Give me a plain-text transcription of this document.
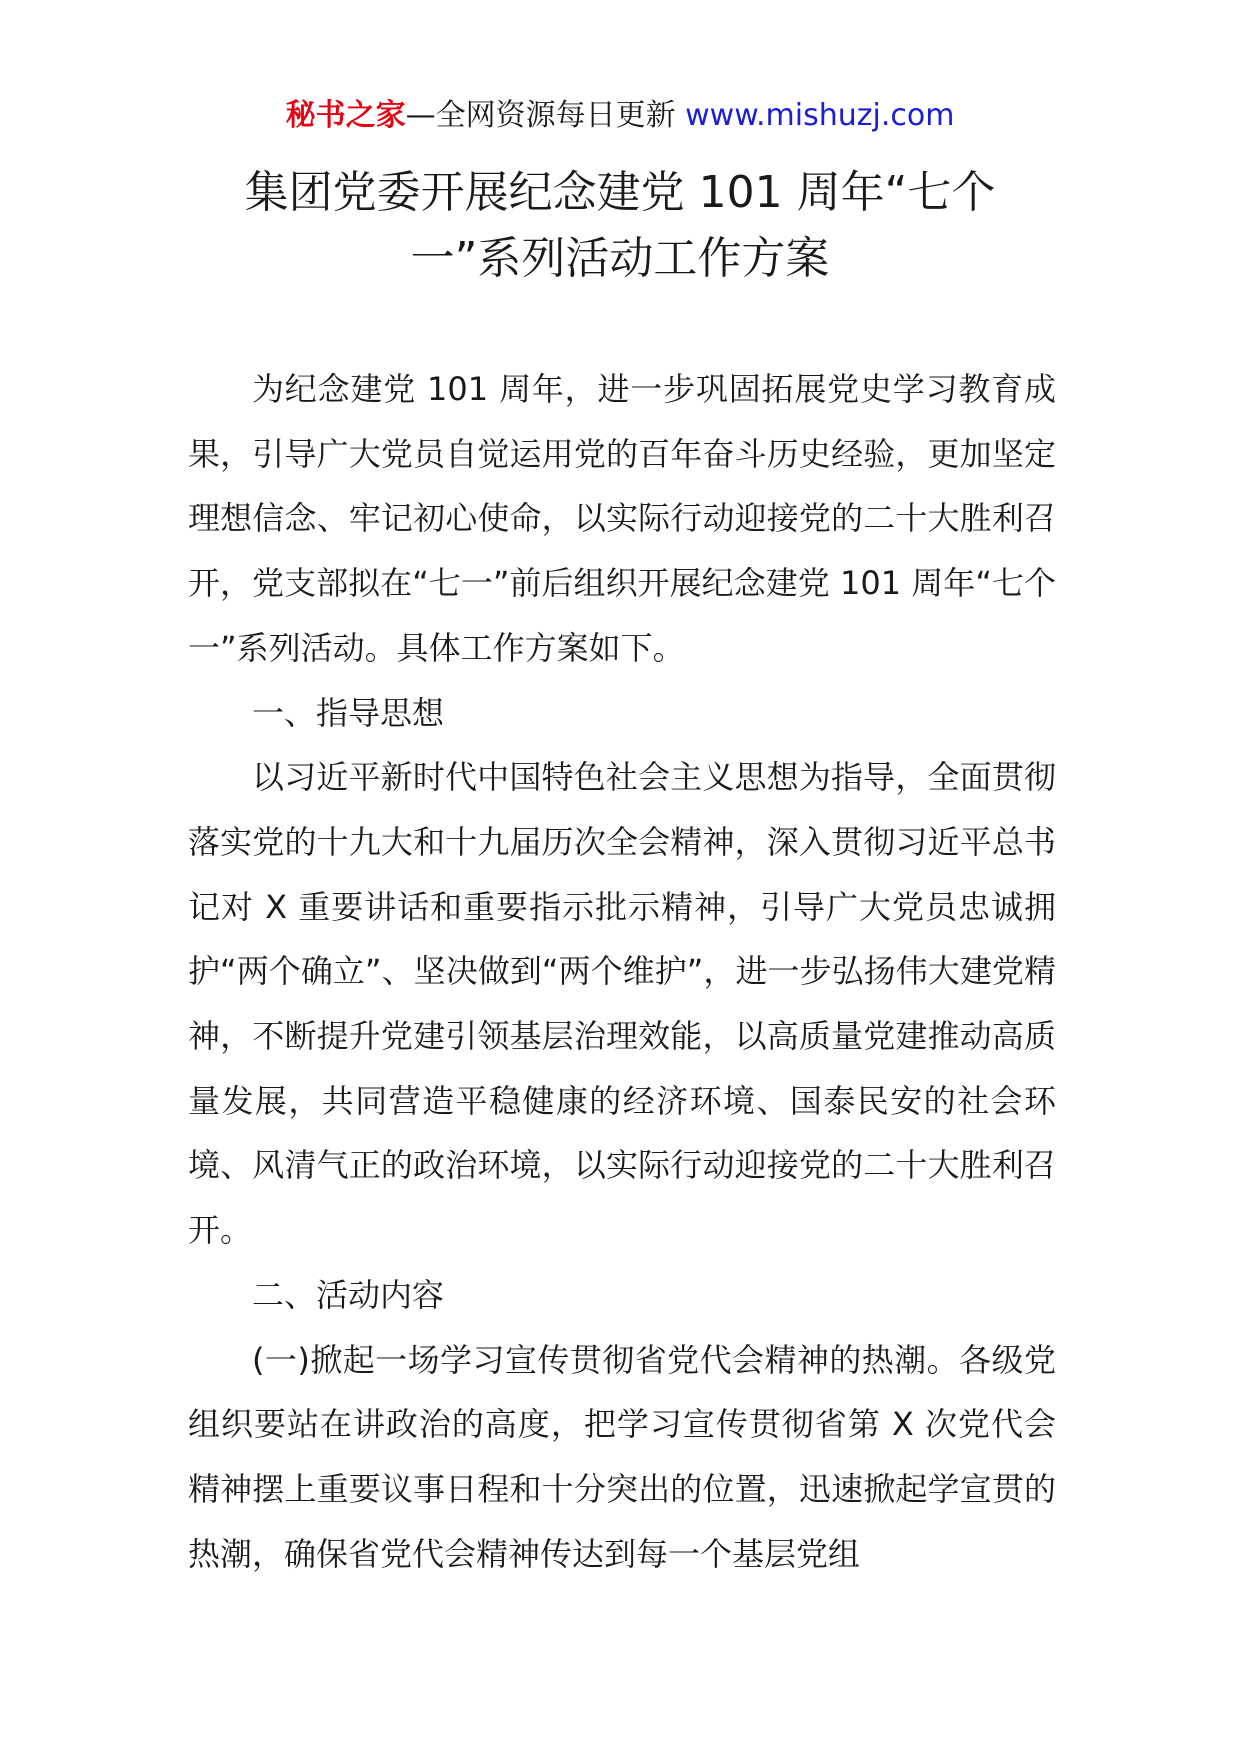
秘书之家—全网资源每日更新 www.mishuzj.com
集团党委开展纪念建党 101 周年“七个
一”系列活动工作方案

为纪念建党 101 周年，进一步巩固拓展党史学习教育成果，引导广大党员自觉运用党的百年奋斗历史经验，更加坚定理想信念、牢记初心使命，以实际行动迎接党的二十大胜利召开，党支部拟在“七一”前后组织开展纪念建党 101 周年“七个一”系列活动。具体工作方案如下。

一、指导思想

以习近平新时代中国特色社会主义思想为指导，全面贯彻落实党的十九大和十九届历次全会精神，深入贯彻习近平总书记对 X 重要讲话和重要指示批示精神，引导广大党员忠诚拥护“两个确立”、坚决做到“两个维护”，进一步弘扬伟大建党精神，不断提升党建引领基层治理效能，以高质量党建推动高质量发展，共同营造平稳健康的经济环境、国泰民安的社会环境、风清气正的政治环境，以实际行动迎接党的二十大胜利召开。

二、活动内容

(一)掀起一场学习宣传贯彻省党代会精神的热潮。各级党组织要站在讲政治的高度，把学习宣传贯彻省第 X 次党代会精神摆上重要议事日程和十分突出的位置，迅速掀起学宣贯的热潮，确保省党代会精神传达到每一个基层党组
